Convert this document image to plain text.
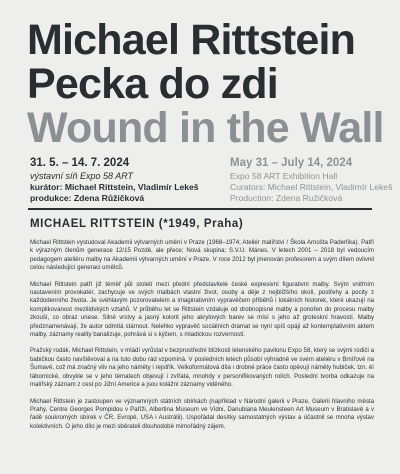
Michael Rittstein
Pecka do zdi
Wound in the Wall
31. 5. – 14. 7. 2024
výstavní síň Expo 58 ART
kurátor: Michael Rittstein, Vladimír Lekeš
produkce: Zdena Růžičková
May 31 – July 14, 2024
Expo 58 ART Exhibition Hall
Curators: Michael Rittstein, Vladimír Lekeš
Production: Zdena Ružičková
MICHAEL RITTSTEIN (*1949, Praha)

Michael Rittstein vystudoval Akademii výtvarných umění v Praze (1968–1974; Ateliér malířství / Škola Arnošta Paderlíka). Patří k výrazným členům generace 12/15 Pozdě, ale přece; Nová skupina; S.V.U. Mánes. V letech 2001 – 2018 byl vedoucím pedagogem ateliéru malby na Akademii výtvarných umění v Praze. V roce 2012 byl jmenován profesorem a svým dílem ovlivnil celou následující generaci umělců.

Michael Rittstein patří již téměř půl století mezi přední představitele české expresivní figurativní malby. Svým vnitřním nastavením provokatér, zachycuje ve svých malbách vlastní život, osoby a děje z nejbližšího okolí, postřehy a pocity z každodenního života. Je svéhlavým pozorovatelem a imaginativním vypravěčem příběhů i lokálních historek, které ukazují na komplikovanost mezilidských vztahů. V průběhu let se Rittstein vzdaluje od drobnopisné malby a ponořen do procesu malby zkouší, co obraz unese. Silné vrstvy a jasný kolorit jeho akrylových barev se mísí s jeho až groteskní hravostí. Malby předznamenávají, že autor odmítá stárnout. Nelehko vypravěč sociálních dramat se nyní spíš opájí až kontemplativním aktem malby, záznamy reality banalizuje, pohrává si s kýčem, s mladickou rozverností.

Pražský rodák, Michael Rittstein, v mládí vyrůstal v bezprostřední blízkosti letenského pavilonu Expo 58, který se svými rodiči a babičkou často navštěvoval a na tuto dobu rád vzpomíná. V posledních letech působí výhradně ve svém ateliéru v Brnířově na Šumavě, což má značný vliv na jeho náměty i rejstřík. Velkoformátová díla i drobné práce často opěvují náměty hubiček, tzn. ěí tábornické, obvykle se v jeho tématech objevují i zvířata, mnohdy v personifikovaných rolích. Poslední tvorba odkazuje na malířský záznam z cest po Jižní Americe a jsou kolážní záznamy viděného.

Michael Rittstein je zastoupen ve významných státních sbírkách (například v Národní galerii v Praze, Galerii hlavního města Prahy, Centre Georges Pompidou v Paříži, Albertina Museum ve Vídni, Danubiana Meulensteen Art Museum v Bratislavě a v řadě soukromých sbírek v ČR, Evropě, USA i Austrálii). Uspořádal desítky samostatných výstav a účastnil se mnoha výstav kolektivních. O jeho dílo je mezi sběrateli dlouhodobě mimořádný zájem.
